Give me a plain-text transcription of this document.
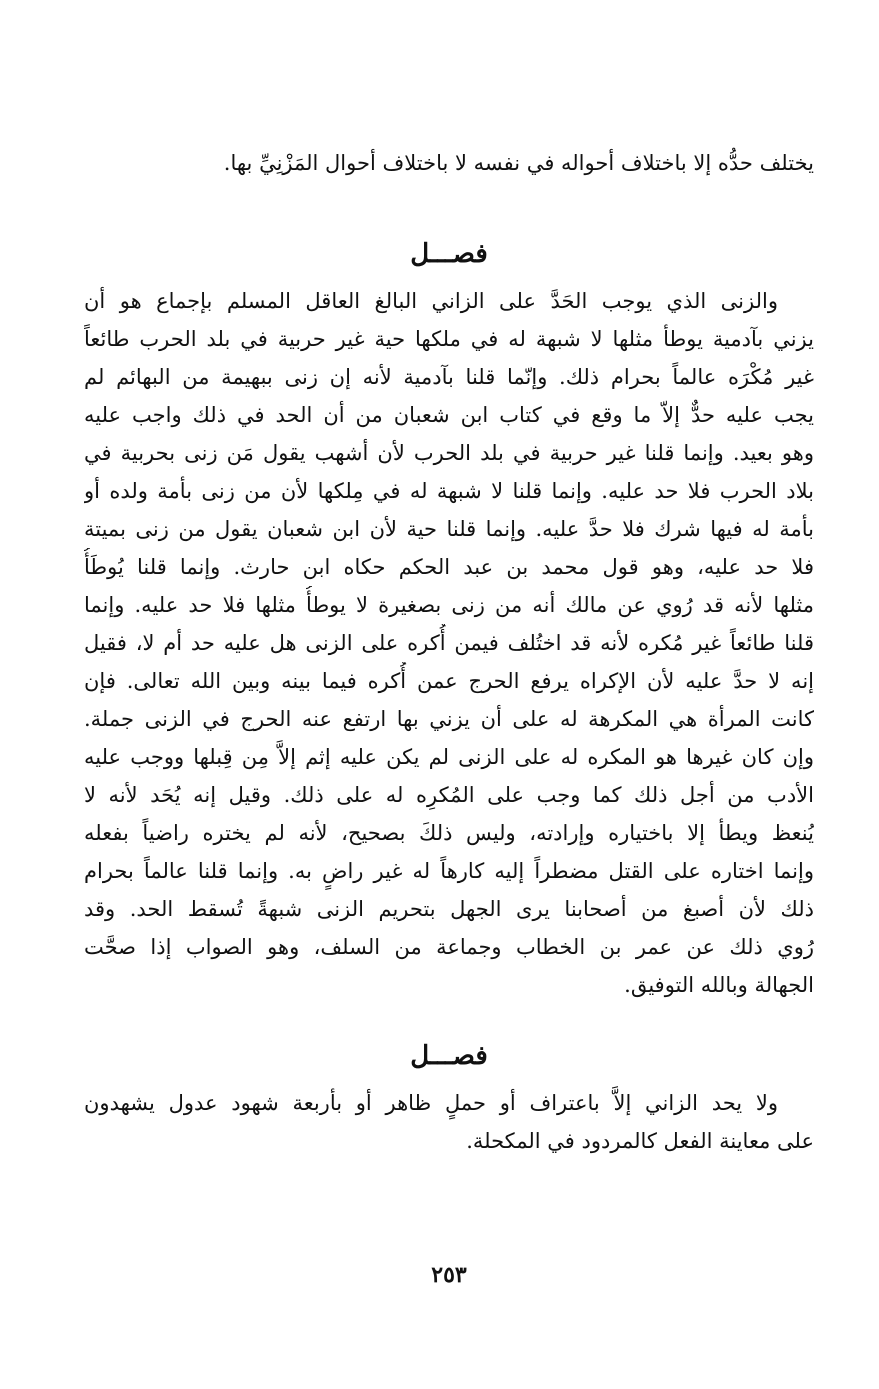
يختلف حدُّه إلا باختلاف أحواله في نفسه لا باختلاف أحوال المَزْنِيِّ بها.
فصـــل
والزنى الذي يوجب الحَدَّ على الزاني البالغ العاقل المسلم بإجماع هو أن
يزني بآدمية يوطأ مثلها لا شبهة له في ملكها حية غير حربية في بلد الحرب طائعاً
غير مُكْرَه عالماً بحرام ذلك. وإنّما قلنا بآدمية لأنه إن زنى ببهيمة من البهائم لم
يجب عليه حدٌّ إلاّ ما وقع في كتاب ابن شعبان من أن الحد في ذلك واجب عليه
وهو بعيد. وإنما قلنا غير حربية في بلد الحرب لأن أشهب يقول مَن زنى بحربية في
بلاد الحرب فلا حد عليه. وإنما قلنا لا شبهة له في مِلكها لأن من زنى بأمة ولده أو
بأمة له فيها شرك فلا حدَّ عليه. وإنما قلنا حية لأن ابن شعبان يقول من زنى بميتة
فلا حد عليه، وهو قول محمد بن عبد الحكم حكاه ابن حارث. وإنما قلنا يُوطَأُ
مثلها لأنه قد رُوي عن مالك أنه من زنى بصغيرة لا يوطأُ مثلها فلا حد عليه. وإنما
قلنا طائعاً غير مُكره لأنه قد اختُلف فيمن أُكره على الزنى هل عليه حد أم لا، فقيل
إنه لا حدَّ عليه لأن الإكراه يرفع الحرج عمن أُكره فيما بينه وبين الله تعالى. فإن
كانت المرأة هي المكرهة له على أن يزني بها ارتفع عنه الحرج في الزنى جملة.
وإن كان غيرها هو المكره له على الزنى لم يكن عليه إثم إلاَّ مِن قِبلها ووجب عليه
الأدب من أجل ذلك كما وجب على المُكرِه له على ذلك. وقيل إنه يُحَد لأنه لا
يُنعظ ويطأ إلا باختياره وإرادته، وليس ذلكَ بصحيح، لأنه لم يختره راضياً بفعله
وإنما اختاره على القتل مضطراً إليه كارهاً له غير راضٍ به. وإنما قلنا عالماً بحرام
ذلك لأن أصبغ من أصحابنا يرى الجهل بتحريم الزنى شبهةً تُسقط الحد. وقد
رُوي ذلك عن عمر بن الخطاب وجماعة من السلف، وهو الصواب إذا صحَّت
الجهالة وبالله التوفيق.
فصـــل
ولا يحد الزاني إلاَّ باعتراف أو حملٍ ظاهر أو بأربعة شهود عدول يشهدون
على معاينة الفعل كالمردود في المكحلة.
٢٥٣
